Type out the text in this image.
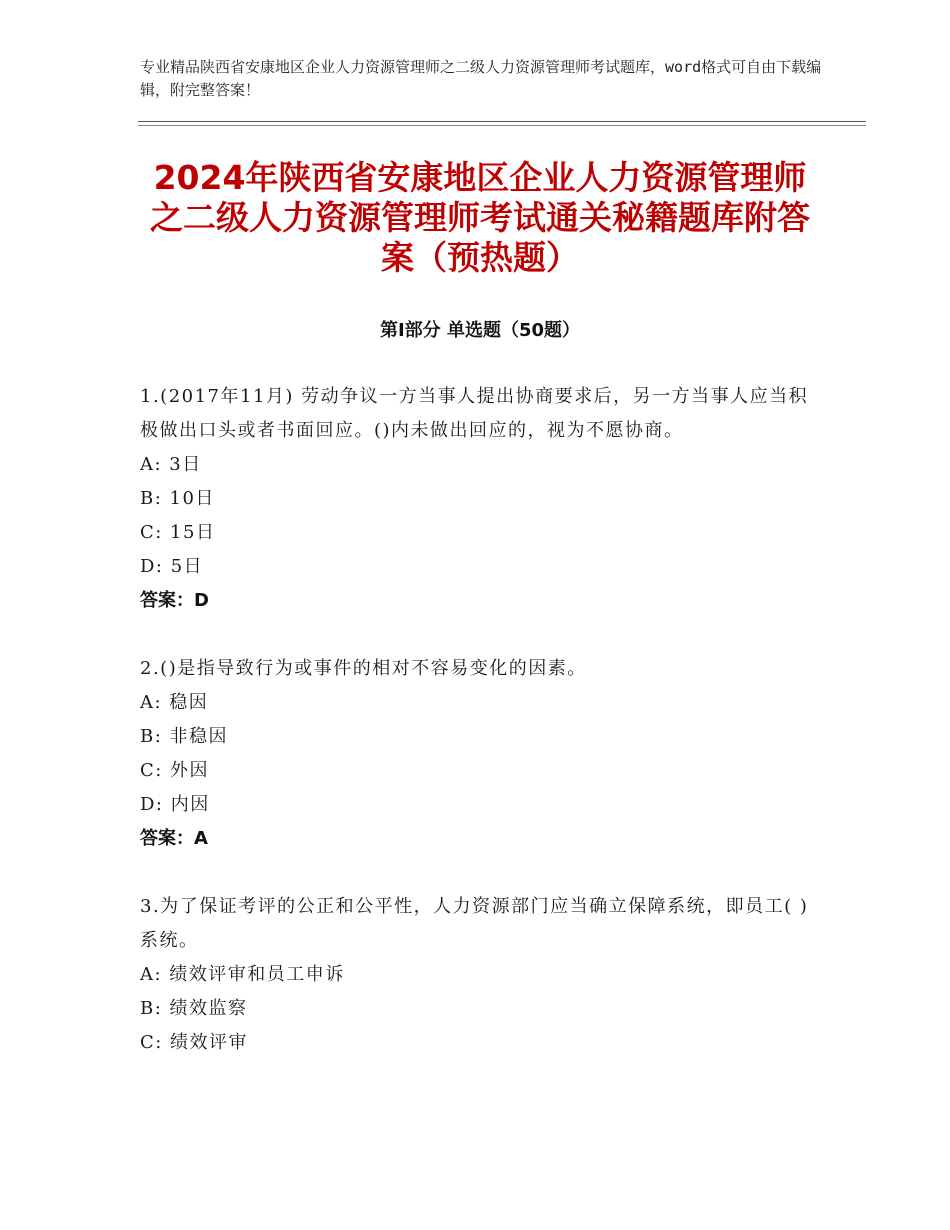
专业精品陕西省安康地区企业人力资源管理师之二级人力资源管理师考试题库，word格式可自由下载编辑，附完整答案！
2024年陕西省安康地区企业人力资源管理师之二级人力资源管理师考试通关秘籍题库附答案（预热题）
第Ⅰ部分 单选题（50题）
1.(2017年11月) 劳动争议一方当事人提出协商要求后，另一方当事人应当积极做出口头或者书面回应。()内未做出回应的，视为不愿协商。
A: 3日
B: 10日
C: 15日
D: 5日
答案：D
2.()是指导致行为或事件的相对不容易变化的因素。
A: 稳因
B: 非稳因
C: 外因
D: 内因
答案：A
3.为了保证考评的公正和公平性，人力资源部门应当确立保障系统，即员工( )系统。
A: 绩效评审和员工申诉
B: 绩效监察
C: 绩效评审
